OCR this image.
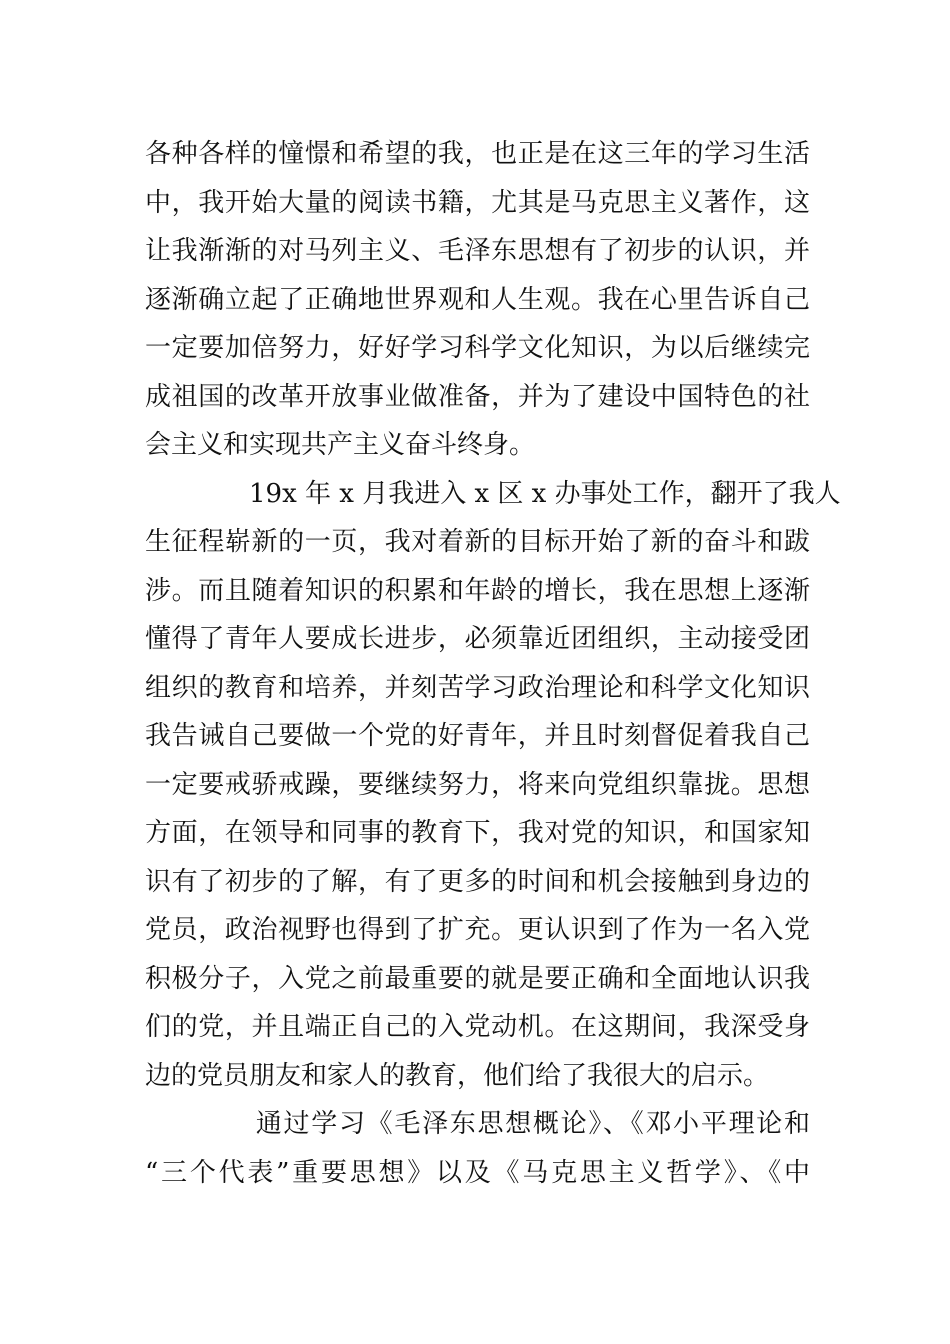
各种各样的憧憬和希望的我，也正是在这三年的学习生活
中，我开始大量的阅读书籍，尤其是马克思主义著作，这
让我渐渐的对马列主义、毛泽东思想有了初步的认识，并
逐渐确立起了正确地世界观和人生观。我在心里告诉自己
一定要加倍努力，好好学习科学文化知识，为以后继续完
成祖国的改革开放事业做准备，并为了建设中国特色的社
会主义和实现共产主义奋斗终身。
　　　　19x 年 x 月我进入 x 区 x 办事处工作，翻开了我人
生征程崭新的一页，我对着新的目标开始了新的奋斗和跋
涉。而且随着知识的积累和年龄的增长，我在思想上逐渐
懂得了青年人要成长进步，必须靠近团组织，主动接受团
组织的教育和培养，并刻苦学习政治理论和科学文化知识
我告诫自己要做一个党的好青年，并且时刻督促着我自己
一定要戒骄戒躁，要继续努力，将来向党组织靠拢。思想
方面，在领导和同事的教育下，我对党的知识，和国家知
识有了初步的了解，有了更多的时间和机会接触到身边的
党员，政治视野也得到了扩充。更认识到了作为一名入党
积极分子，入党之前最重要的就是要正确和全面地认识我
们的党，并且端正自己的入党动机。在这期间，我深受身
边的党员朋友和家人的教育，他们给了我很大的启示。
　　　　通过学习《毛泽东思想概论》、《邓小平理论和
“三个代表”重要思想》以及《马克思主义哲学》、《中
